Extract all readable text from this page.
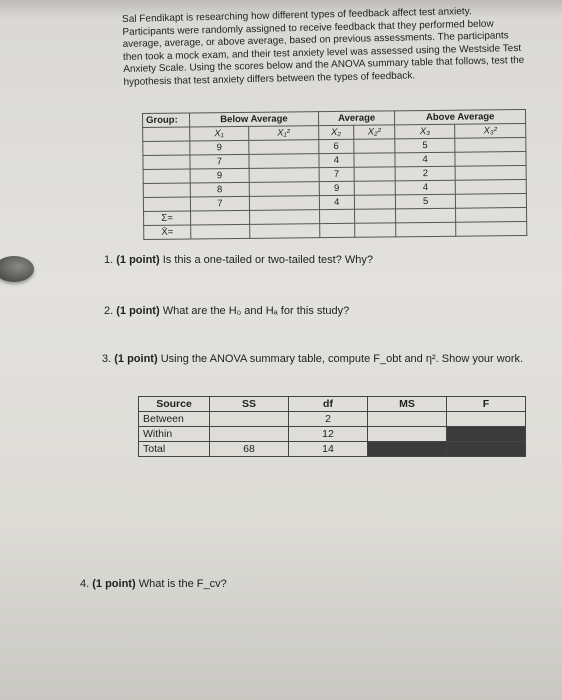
Sal Fendikapt is researching how different types of feedback affect test anxiety. Participants were randomly assigned to receive feedback that they performed below average, average, or above average, based on previous assessments. The participants then took a mock exam, and their test anxiety level was assessed using the Westside Test Anxiety Scale. Using the scores below and the ANOVA summary table that follows, test the hypothesis that test anxiety differs between the types of feedback.

Group:	Below Average		Average		Above Average	
	X₁	X₁²	X₂	X₂²	X₃	X₃²
	9		6		5	
	7		4		4	
	9		7		2	
	8		9		4	
	7		4		5	
Σ=						
X̄=						
1. (1 point) Is this a one-tailed or two-tailed test? Why?
2. (1 point) What are the H₀ and Hₐ for this study?
3. (1 point) Using the ANOVA summary table, compute F_obt and η². Show your work.
Source	SS	df	MS	F
Between		2		
Within		12		
Total	68	14		
4. (1 point) What is the F_cv?
